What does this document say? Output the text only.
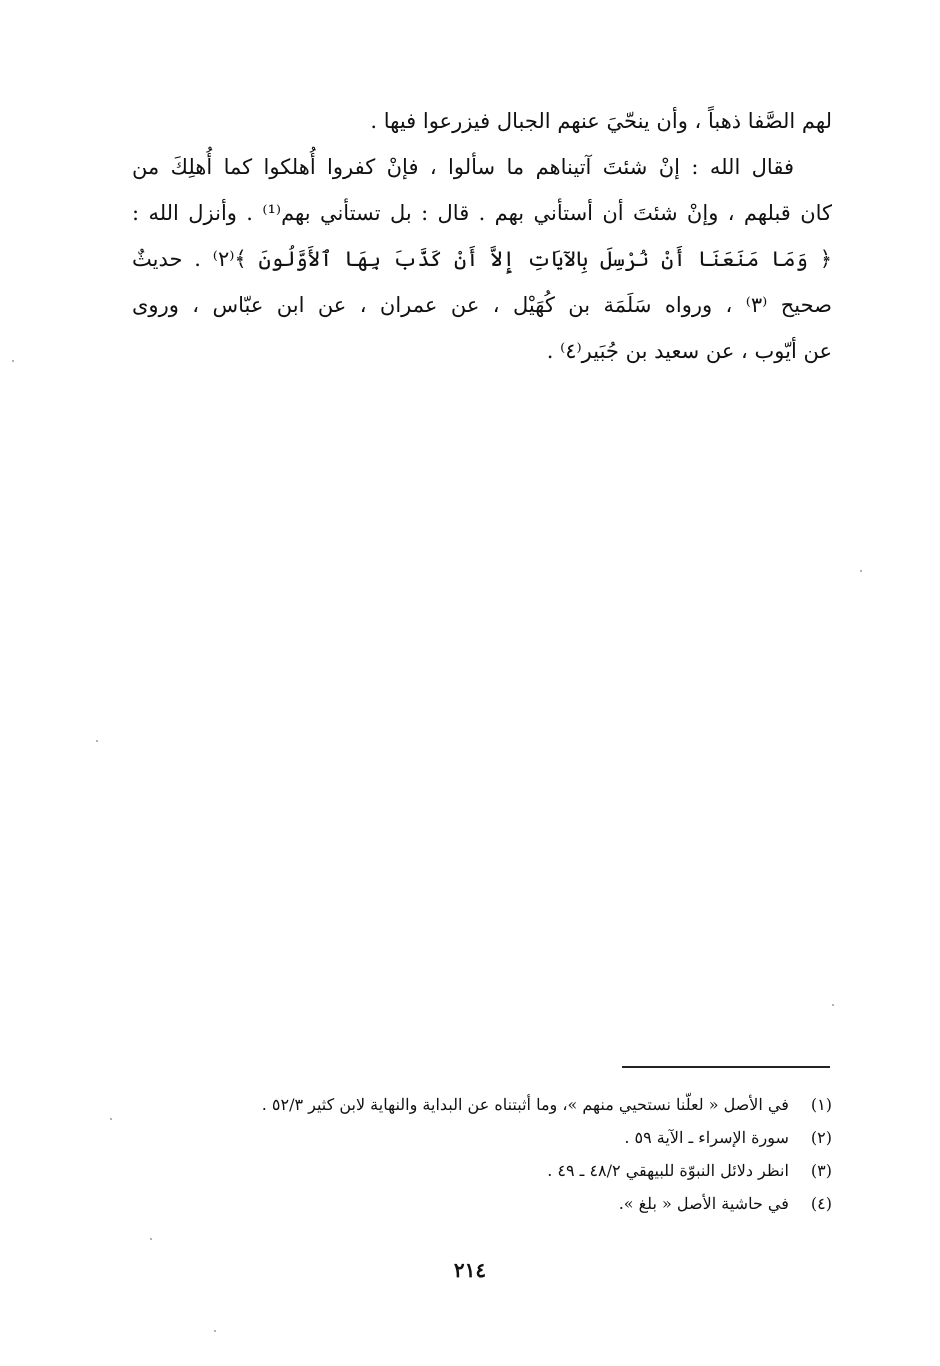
لهم الصَّفا ذهباً ، وأن ينحّيَ عنهم الجبال فيزرعوا فيها .
فقال الله : إنْ شئتَ آتيناهم ما سألوا ، فإنْ كفروا أُهلكوا كما أُهلِكَ من
كان قبلهم ، وإنْ شئتَ أن أستأني بهم . قال : بل تستأني بهم⁽¹⁾ . وأنزل الله :
﴿ وَمَا مَنَعَنَا أَنْ نُرْسِلَ بِالآيَاتِ إِلاَّ أَنْ كَذَّبَ بِهَا ٱلأَوَّلُونَ ﴾⁽٢⁾ . حديثٌ
صحيح ⁽٣⁾ ، ورواه سَلَمَة بن كُهَيْل ، عن عمران ، عن ابن عبّاس ، وروى
عن أيّوب ، عن سعيد بن جُبَير⁽٤⁾ .
(١) في الأصل « لعلّنا نستحيي منهم »، وما أثبتناه عن البداية والنهاية لابن كثير ٥٢/٣ .
(٢) سورة الإسراء ـ الآية ٥٩ .
(٣) انظر دلائل النبوّة للبيهقي ٤٨/٢ ـ ٤٩ .
(٤) في حاشية الأصل « بلغ ».
٢١٤
